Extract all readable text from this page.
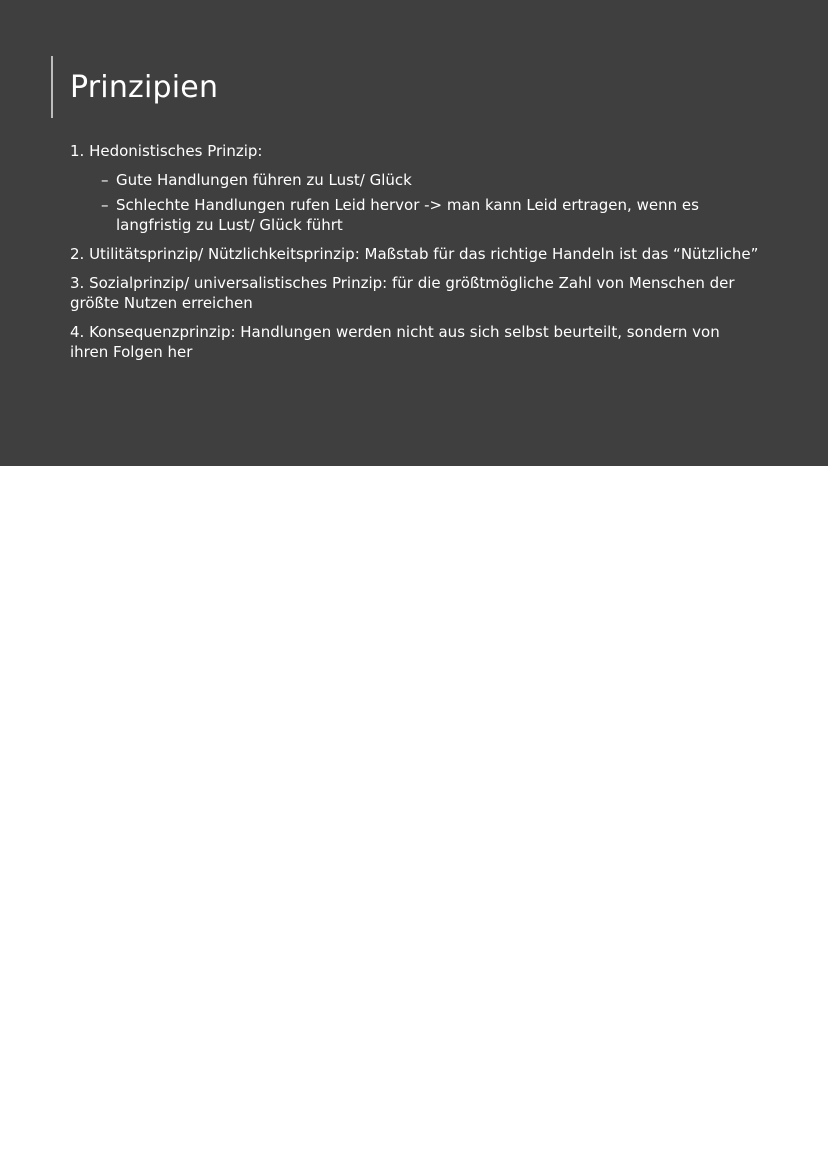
Prinzipien

1. Hedonistisches Prinzip:

– Gute Handlungen führen zu Lust/ Glück
– Schlechte Handlungen rufen Leid hervor -> man kann Leid ertragen, wenn es langfristig zu Lust/ Glück führt

2. Utilitätsprinzip/ Nützlichkeitsprinzip: Maßstab für das richtige Handeln ist das “Nützliche”

3. Sozialprinzip/ universalistisches Prinzip: für die größtmögliche Zahl von Menschen der größte Nutzen erreichen

4. Konsequenzprinzip: Handlungen werden nicht aus sich selbst beurteilt, sondern von ihren Folgen her
